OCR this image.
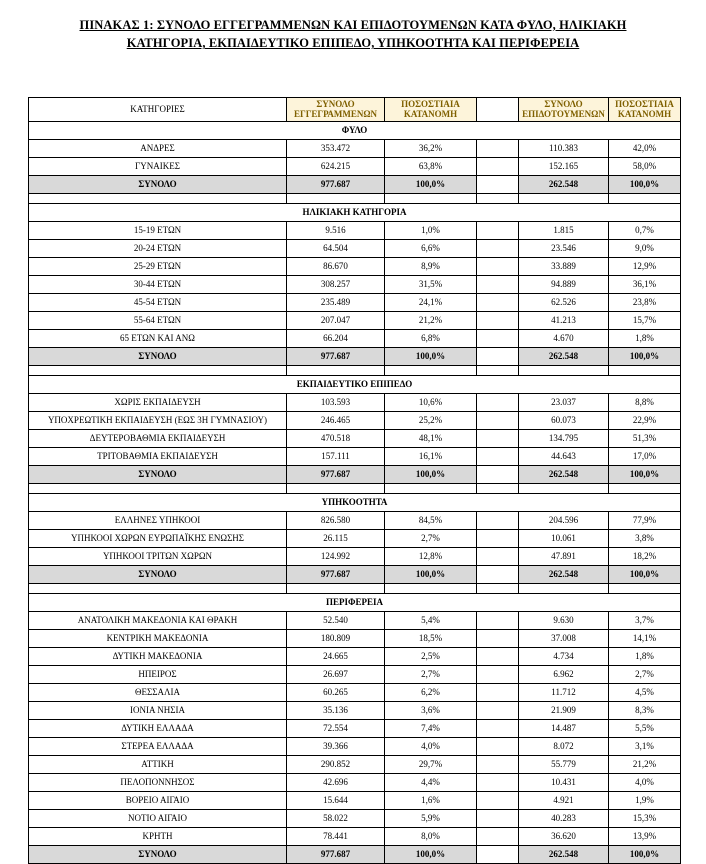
ΠΙΝΑΚΑΣ 1: ΣΥΝΟΛΟ ΕΓΓΕΓΡΑΜΜΕΝΩΝ ΚΑΙ ΕΠΙΔΟΤΟΥΜΕΝΩΝ ΚΑΤΑ ΦΥΛΟ, ΗΛΙΚΙΑΚΗ ΚΑΤΗΓΟΡΙΑ, ΕΚΠΑΙΔΕΥΤΙΚΟ ΕΠΙΠΕΔΟ, ΥΠΗΚΟΟΤΗΤΑ ΚΑΙ ΠΕΡΙΦΕΡΕΙΑ
ΚΑΤΗΓΟΡΙΕΣ	ΣΥΝΟΛΟ ΕΓΓΕΓΡΑΜΜΕΝΩΝ	ΠΟΣΟΣΤΙΑΙΑ ΚΑΤΑΝΟΜΗ		ΣΥΝΟΛΟ ΕΠΙΔΟΤΟΥΜΕΝΩΝ	ΠΟΣΟΣΤΙΑΙΑ ΚΑΤΑΝΟΜΗ
ΦΥΛΟ					
ΑΝΔΡΕΣ	353.472	36,2%		110.383	42,0%
ΓΥΝΑΙΚΕΣ	624.215	63,8%		152.165	58,0%
ΣΥΝΟΛΟ	977.687	100,0%		262.548	100,0%

ΗΛΙΚΙΑΚΗ ΚΑΤΗΓΟΡΙΑ					
15-19 ΕΤΩΝ	9.516	1,0%		1.815	0,7%
20-24 ΕΤΩΝ	64.504	6,6%		23.546	9,0%
25-29 ΕΤΩΝ	86.670	8,9%		33.889	12,9%
30-44 ΕΤΩΝ	308.257	31,5%		94.889	36,1%
45-54 ΕΤΩΝ	235.489	24,1%		62.526	23,8%
55-64 ΕΤΩΝ	207.047	21,2%		41.213	15,7%
65 ΕΤΩΝ ΚΑΙ ΑΝΩ	66.204	6,8%		4.670	1,8%
ΣΥΝΟΛΟ	977.687	100,0%		262.548	100,0%

ΕΚΠΑΙΔΕΥΤΙΚΟ ΕΠΙΠΕΔΟ					
ΧΩΡΙΣ ΕΚΠΑΙΔΕΥΣΗ	103.593	10,6%		23.037	8,8%
ΥΠΟΧΡΕΩΤΙΚΗ ΕΚΠΑΙΔΕΥΣΗ (ΕΩΣ 3Η ΓΥΜΝΑΣΙΟΥ)	246.465	25,2%		60.073	22,9%
ΔΕΥΤΕΡΟΒΑΘΜΙΑ ΕΚΠΑΙΔΕΥΣΗ	470.518	48,1%		134.795	51,3%
ΤΡΙΤΟΒΑΘΜΙΑ ΕΚΠΑΙΔΕΥΣΗ	157.111	16,1%		44.643	17,0%
ΣΥΝΟΛΟ	977.687	100,0%		262.548	100,0%

ΥΠΗΚΟΟΤΗΤΑ					
ΕΛΛΗΝΕΣ ΥΠΗΚΟΟΙ	826.580	84,5%		204.596	77,9%
ΥΠΗΚΟΟΙ ΧΩΡΩΝ ΕΥΡΩΠΑΪΚΗΣ ΕΝΩΣΗΣ	26.115	2,7%		10.061	3,8%
ΥΠΗΚΟΟΙ ΤΡΙΤΩΝ ΧΩΡΩΝ	124.992	12,8%		47.891	18,2%
ΣΥΝΟΛΟ	977.687	100,0%		262.548	100,0%

ΠΕΡΙΦΕΡΕΙΑ					
ΑΝΑΤΟΛΙΚΗ ΜΑΚΕΔΟΝΙΑ ΚΑΙ ΘΡΑΚΗ	52.540	5,4%		9.630	3,7%
ΚΕΝΤΡΙΚΗ ΜΑΚΕΔΟΝΙΑ	180.809	18,5%		37.008	14,1%
ΔΥΤΙΚΗ ΜΑΚΕΔΟΝΙΑ	24.665	2,5%		4.734	1,8%
ΗΠΕΙΡΟΣ	26.697	2,7%		6.962	2,7%
ΘΕΣΣΑΛΙΑ	60.265	6,2%		11.712	4,5%
ΙΟΝΙΑ ΝΗΣΙΑ	35.136	3,6%		21.909	8,3%
ΔΥΤΙΚΗ ΕΛΛΑΔΑ	72.554	7,4%		14.487	5,5%
ΣΤΕΡΕΑ ΕΛΛΑΔΑ	39.366	4,0%		8.072	3,1%
ΑΤΤΙΚΗ	290.852	29,7%		55.779	21,2%
ΠΕΛΟΠΟΝΝΗΣΟΣ	42.696	4,4%		10.431	4,0%
ΒΟΡΕΙΟ ΑΙΓΑΙΟ	15.644	1,6%		4.921	1,9%
ΝΟΤΙΟ ΑΙΓΑΙΟ	58.022	5,9%		40.283	15,3%
ΚΡΗΤΗ	78.441	8,0%		36.620	13,9%
ΣΥΝΟΛΟ	977.687	100,0%		262.548	100,0%
